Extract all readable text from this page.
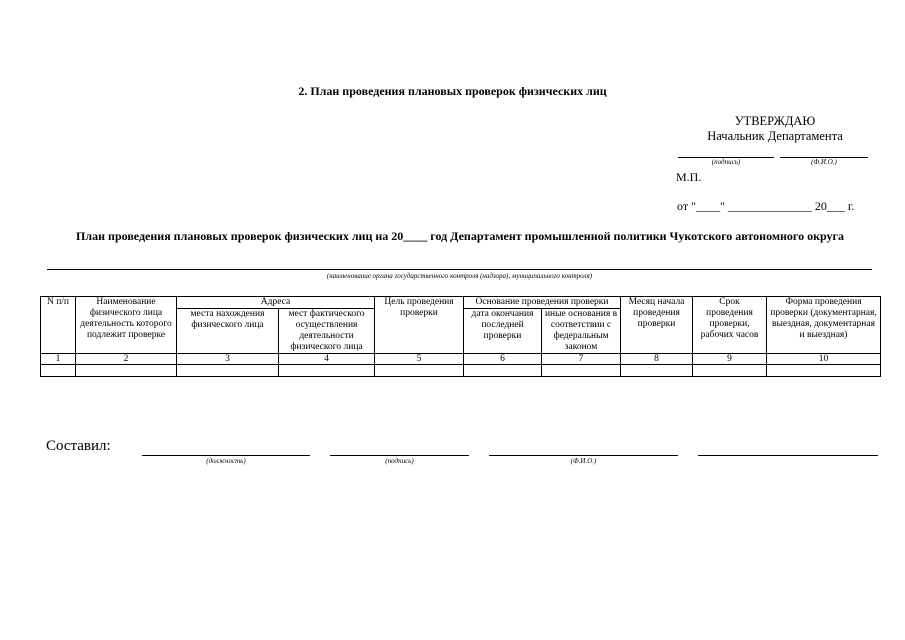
2. План проведения плановых проверок физических лиц
УТВЕРЖДАЮ
Начальник Департамента
(подпись)	(Ф.И.О.)
М.П.
от "____" ______________ 20___ г.
План проведения плановых проверок физических лиц на 20____ год Департамент промышленной политики Чукотского автономного округа
(наименование органа государственного контроля (надзора), муниципального контроля)
N п/п	Наименование физического лица деятельность которого подлежит проверке	Адреса		Цель проведения проверки	Основание проведения проверки		Месяц начала проведения проверки	Срок проведения проверки, рабочих часов	Форма проведения проверки (документарная, выездная, документарная и выездная)
		места нахождения физического лица	мест фактического осуществления деятельности физического лица		дата окончания последней проверки	иные основания в соответствии с федеральным законом			
1	2	3	4	5	6	7	8	9	10

Составил:
(должность)	(подпись)	(Ф.И.О.)
